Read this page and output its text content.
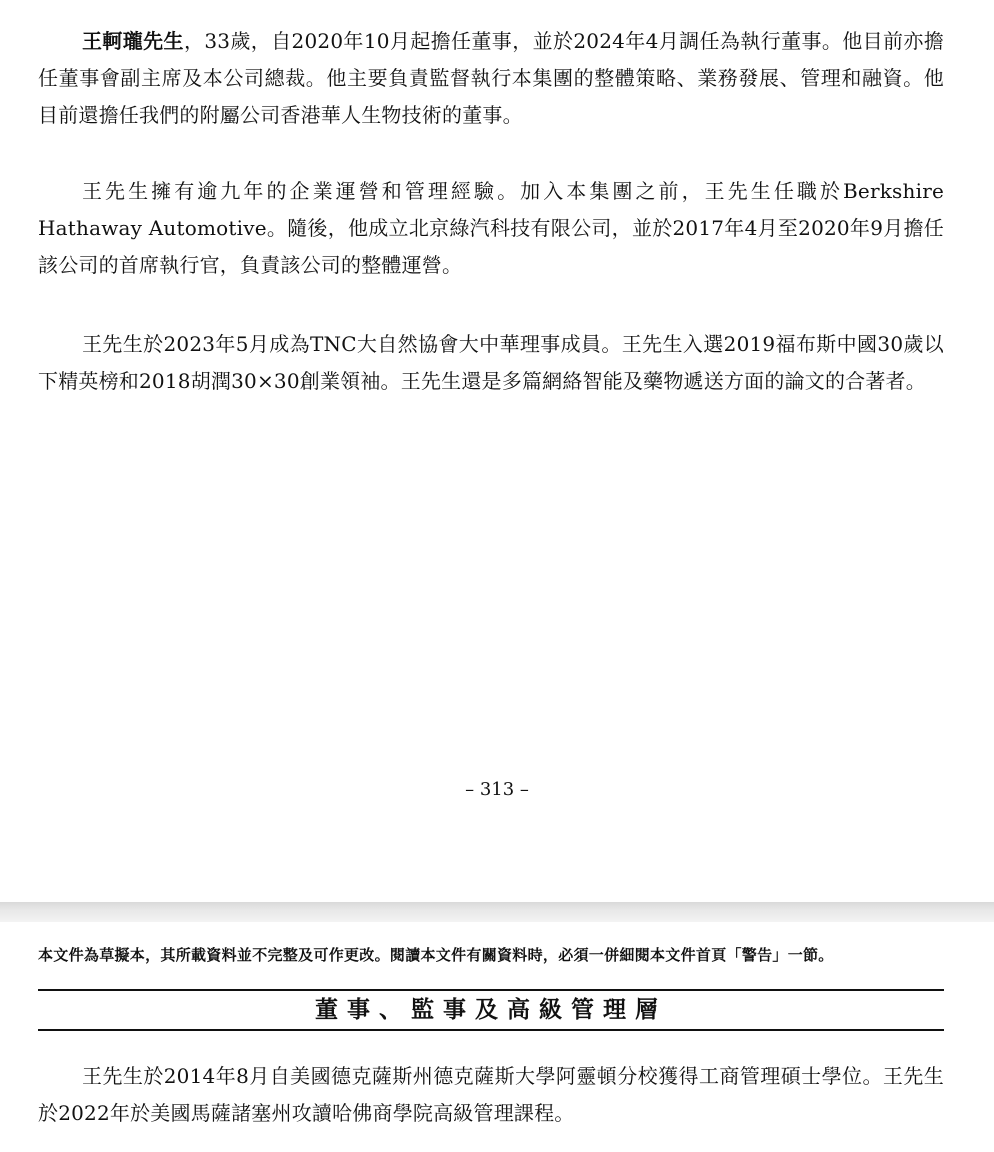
王軻瓏先生，33歲，自2020年10月起擔任董事，並於2024年4月調任為執行董事。他目前亦擔任董事會副主席及本公司總裁。他主要負責監督執行本集團的整體策略、業務發展、管理和融資。他目前還擔任我們的附屬公司香港華人生物技術的董事。

王先生擁有逾九年的企業運營和管理經驗。加入本集團之前，王先生任職於Berkshire Hathaway Automotive。隨後，他成立北京綠汽科技有限公司，並於2017年4月至2020年9月擔任該公司的首席執行官，負責該公司的整體運營。

王先生於2023年5月成為TNC大自然協會大中華理事成員。王先生入選2019福布斯中國30歲以下精英榜和2018胡潤30×30創業領袖。王先生還是多篇網絡智能及藥物遞送方面的論文的合著者。

– 313 –
本文件為草擬本，其所載資料並不完整及可作更改。閱讀本文件有關資料時，必須一併細閱本文件首頁「警告」一節。
董事、監事及高級管理層

王先生於2014年8月自美國德克薩斯州德克薩斯大學阿靈頓分校獲得工商管理碩士學位。王先生於2022年於美國馬薩諸塞州攻讀哈佛商學院高級管理課程。
